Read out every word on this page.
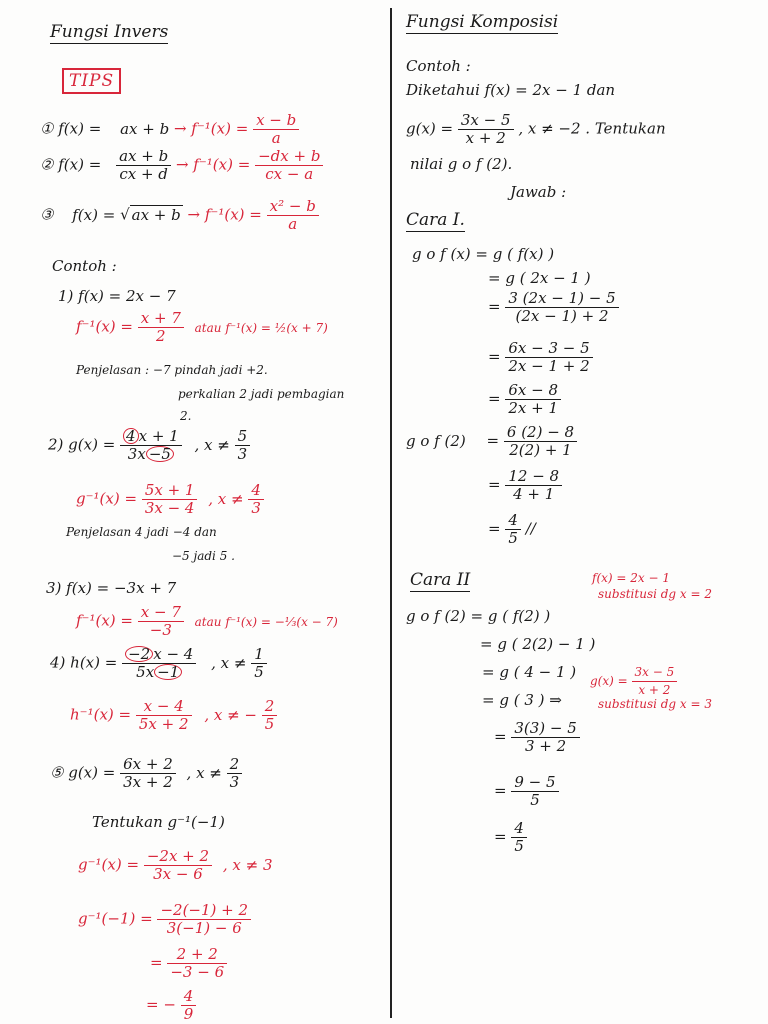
Fungsi Invers
TIPS
① f(x) = ax + $b \to f^{-1}(x) = \frac{x - b}{a}$
② $f(x) = \frac{ax + b}{cx + d} \to f^{-1}(x) = \frac{-dx + b}{cx - a}$
③ f(x) = √ ax + $b \to f^{-1}(x) = \frac{\text{x² − b}}{a}$
Contoh :
1) f(x) = 2x − 7
$f^{-1}(x) = \frac{x + 7}{2}$ atau f⁻¹(x) = ½(x + 7)
Penjelasan : −7 pindah jadi +2.
perkalian 2 jadi pembagian
2.
2) $g(x) = \frac{4 x + 1}{3x -5}$ , $x \ne \frac{5}{3}$
$g^{-1}(x) = \frac{5x + 1}{3x - 4}$ , $x \ne \frac{4}{3}$
Penjelasan 4 jadi −4 dan
−5 jadi 5 .
3) f(x) = −3x + 7
$f^{-1}(x) = \frac{x - 7}{-3}$ atau f⁻¹(x) = −⅓(x − 7)
4) $h(x) = \frac{-2 x - 4}{5x -1}$ , $x \ne \frac{1}{5}$
$h^{-1}(x) = \frac{x - 4}{5x + 2}$ , x ≠ − $\frac{2}{5}$
⑤ $g(x) = \frac{6x + 2}{3x + 2}$ , $x \ne \frac{2}{3}$
Tentukan g⁻¹(−1)
$g^{-1}(x) = \frac{-2x + 2}{3x - 6}$ , x ≠ 3
$g^{-1}(-1) = \frac{-2(-1) + 2}{3(-1) - 6}$
= $\frac{2 + 2}{-3 - 6}$
= − $\frac{4}{9}$
Fungsi Komposisi
Contoh :
Diketahui f(x) = 2x − 1 dan
$g(x) = \frac{3x - 5}{x + 2}$ , x ≠ −2 . Tentukan
nilai g o f (2).
Jawab :
Cara I.
g o f (x) = g ( f(x) )
= g ( 2x − 1 )
= $\frac{3 (2x - 1) - 5}{(2x - 1) + 2}$
= $\frac{6x - 3 - 5}{2x - 1 + 2}$
= $\frac{6x - 8}{2x + 1}$
g o f $(2) = \frac{6 (2) - 8}{2(2) + 1}$
= $\frac{12 - 8}{4 + 1}$
= $\frac{4}{5}$ //
Cara II	f(x) = 2x − 1
substitusi dg x = 2
g o f (2) = g ( f(2) )
= g ( 2(2) − 1 )
= g ( 4 − 1 )
= g ( 3 ) ⇒
$g(x) = \frac{3x - 5}{x + 2}$
substitusi dg x = 3
= $\frac{3(3) - 5}{3 + 2}$
= $\frac{9 - 5}{5}$
= $\frac{4}{5}$
